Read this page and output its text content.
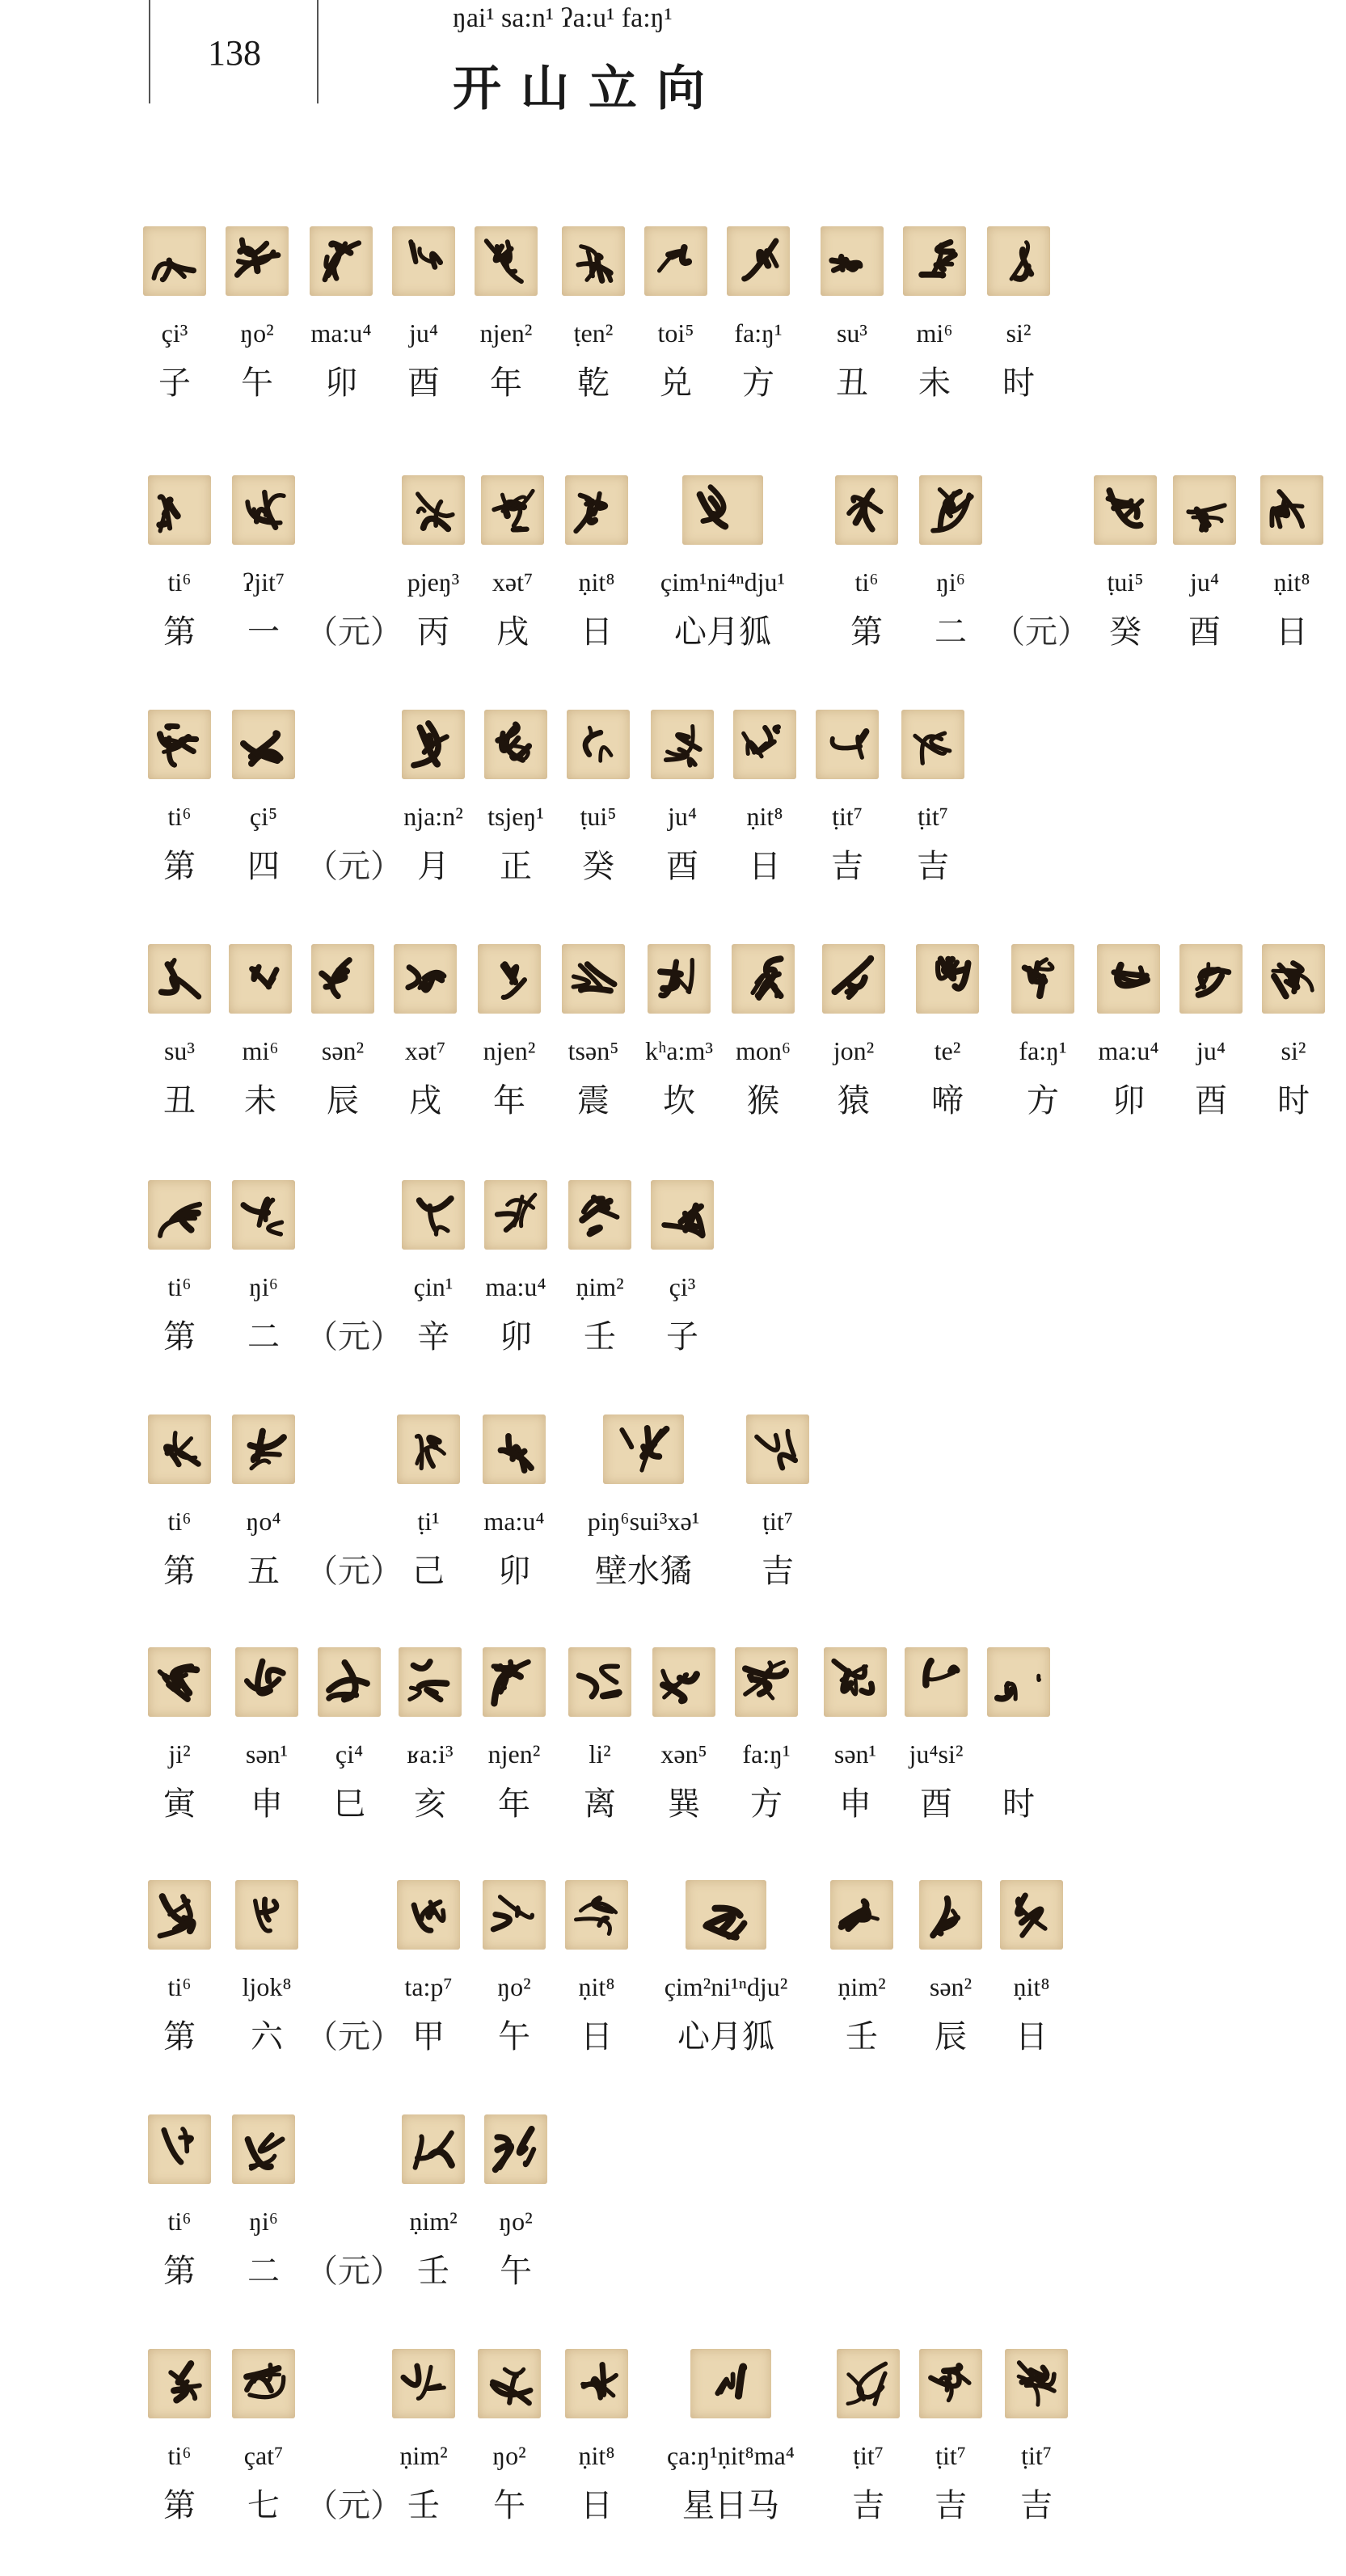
138
ŋai¹ sa:n¹ ʔa:u¹ fa:ŋ¹
开山立向
çi³
子
ŋo²
午
ma:u⁴
卯
ju⁴
酉
njen²
年
ṭen²
乾
toi⁵
兑
fa:ŋ¹
方
su³
丑
mi⁶
未
si²
时
ti⁶
第
ʔjit⁷
一 （元）
pjeŋ³
丙
xət⁷
戌
ṇit⁸
日
çim¹ni⁴ⁿdju¹
心月狐
ti⁶
第
ŋi⁶
二 （元）
ṭui⁵
癸
ju⁴
酉
ṇit⁸
日
ti⁶
第
çi⁵
四 （元）
nja:n²
月
tsjeŋ¹
正
ṭui⁵
癸
ju⁴
酉
ṇit⁸
日
ṭit⁷
吉
ṭit⁷
吉
su³
丑
mi⁶
未
sən²
辰
xət⁷
戌
njen²
年
tsən⁵
震
kʰa:m³
坎
mon⁶
猴
jon²
猿
te²
啼
fa:ŋ¹
方
ma:u⁴
卯
ju⁴
酉
si²
时
ti⁶
第
ŋi⁶
二 （元）
çin¹
辛
ma:u⁴
卯
ṇim²
壬
çi³
子
ti⁶
第
ŋo⁴
五 （元）
ṭi¹
己
ma:u⁴
卯
piŋ⁶sui³xə¹
壁水獝
ṭit⁷
吉
ji²
寅
sən¹
申
çi⁴
巳
ʁa:i³
亥
njen²
年
li²
离
xən⁵
巽
fa:ŋ¹
方
sən¹
申
ju⁴si²
酉 时
ti⁶
第
ljok⁸
六 （元）
ta:p⁷
甲
ŋo²
午
ṇit⁸
日
çim²ni¹ⁿdju²
心月狐
ṇim²
壬
sən²
辰
ṇit⁸
日
ti⁶
第
ŋi⁶
二 （元）
ṇim²
壬
ŋo²
午
ti⁶
第
çat⁷
七 （元）
ṇim²
壬
ŋo²
午
ṇit⁸
日
ça:ŋ¹ṇit⁸ma⁴
星日马
ṭit⁷
吉
ṭit⁷
吉
ṭit⁷
吉
